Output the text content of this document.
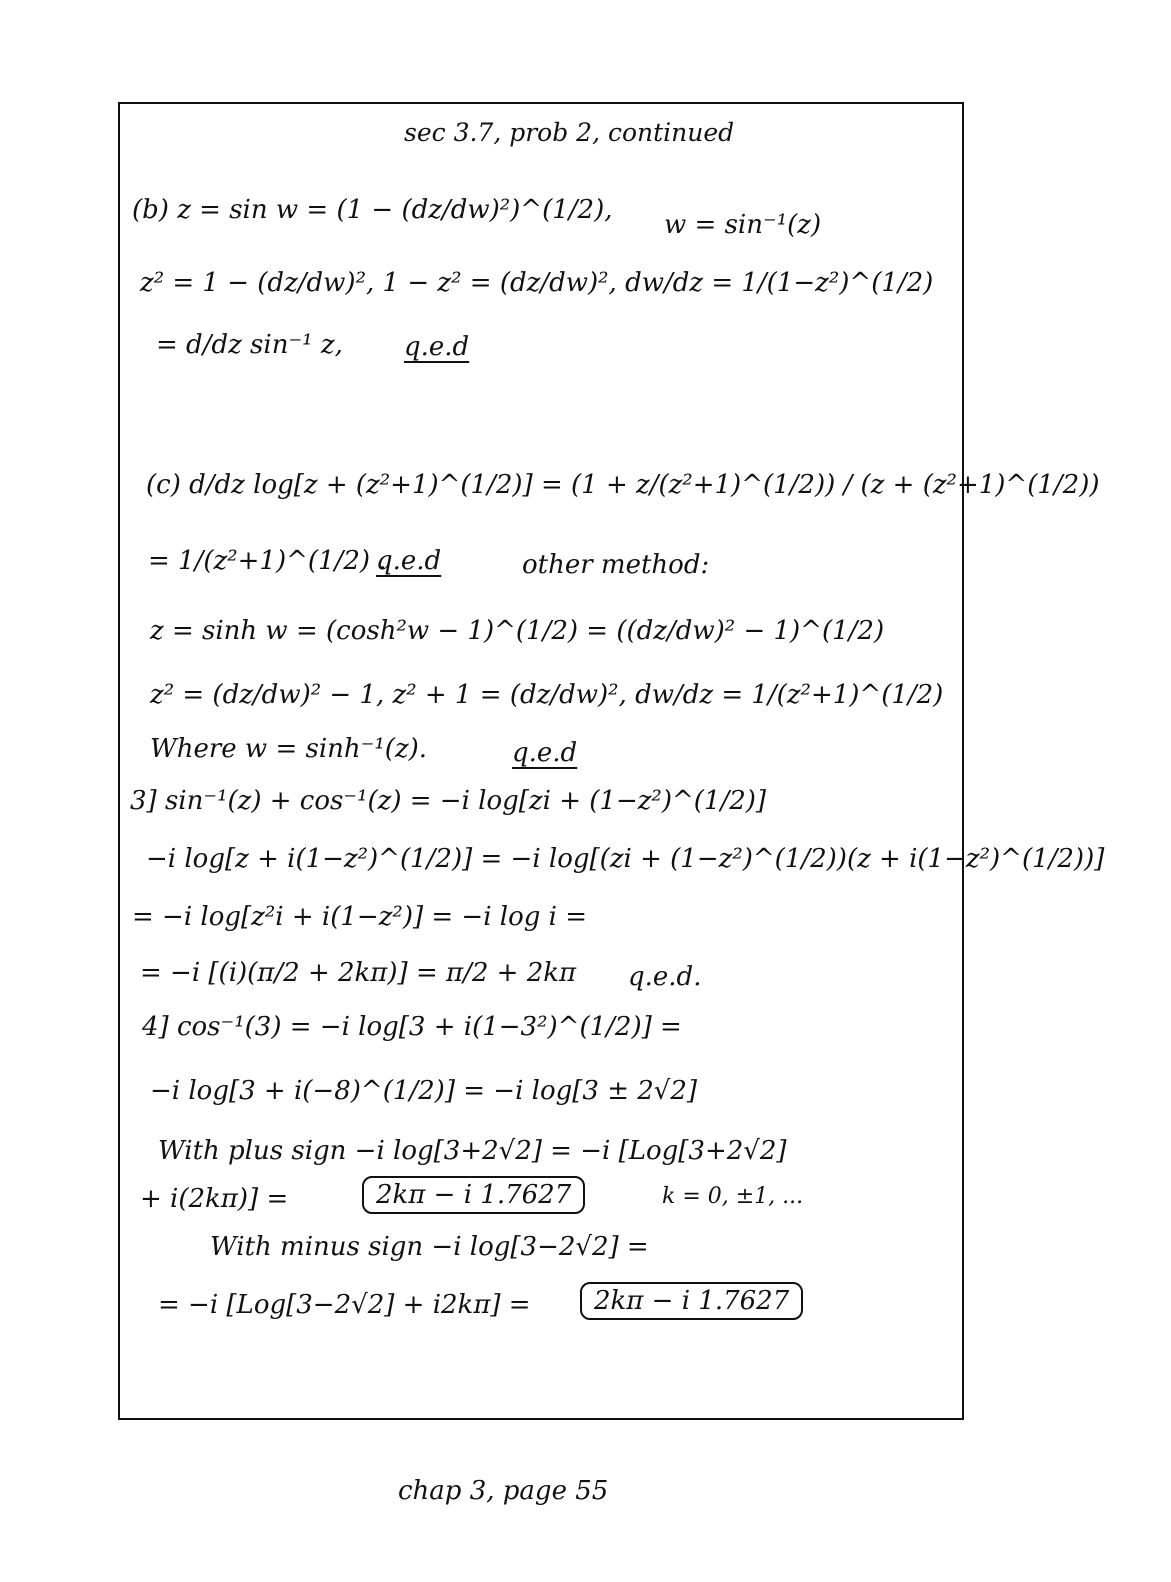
sec 3.7, prob 2, continued
(b) z = sin w = (1 − (dz/dw)²)^(1/2), w = sin⁻¹(z)
z² = 1 − (dz/dw)², 1 − z² = (dz/dw)², dw/dz = 1/(1−z²)^(1/2)
= d/dz sin⁻¹ z, q.e.d
(c) d/dz log[z + (z²+1)^(1/2)] = (1 + z/(z²+1)^(1/2)) / (z + (z²+1)^(1/2))
= 1/(z²+1)^(1/2) .
q.e.d	other method:
z = sinh w = (cosh²w − 1)^(1/2) = ((dz/dw)² − 1)^(1/2)
z² = (dz/dw)² − 1, z² + 1 = (dz/dw)², dw/dz = 1/(z²+1)^(1/2)
Where w = sinh⁻¹(z).	q.e.d
3] sin⁻¹(z) + cos⁻¹(z) = −i log[zi + (1−z²)^(1/2)]
−i log[z + i(1−z²)^(1/2)] = −i log[(zi + (1−z²)^(1/2))(z + i(1−z²)^(1/2))]
= −i log[z²i + i(1−z²)] = −i log i =
= −i [(i)(π/2 + 2kπ)] = π/2 + 2kπ q.e.d.
4] cos⁻¹(3) = −i log[3 + i(1−3²)^(1/2)] =
−i log[3 + i(−8)^(1/2)] = −i log[3 ± 2√2]
With plus sign −i log[3+2√2] = −i [Log[3+2√2]
+ i(2kπ)] =	2kπ − i 1.7627	k = 0, ±1, ...
With minus sign −i log[3−2√2] =
= −i [Log[3−2√2] + i2kπ] =	2kπ − i 1.7627
chap 3, page 55
